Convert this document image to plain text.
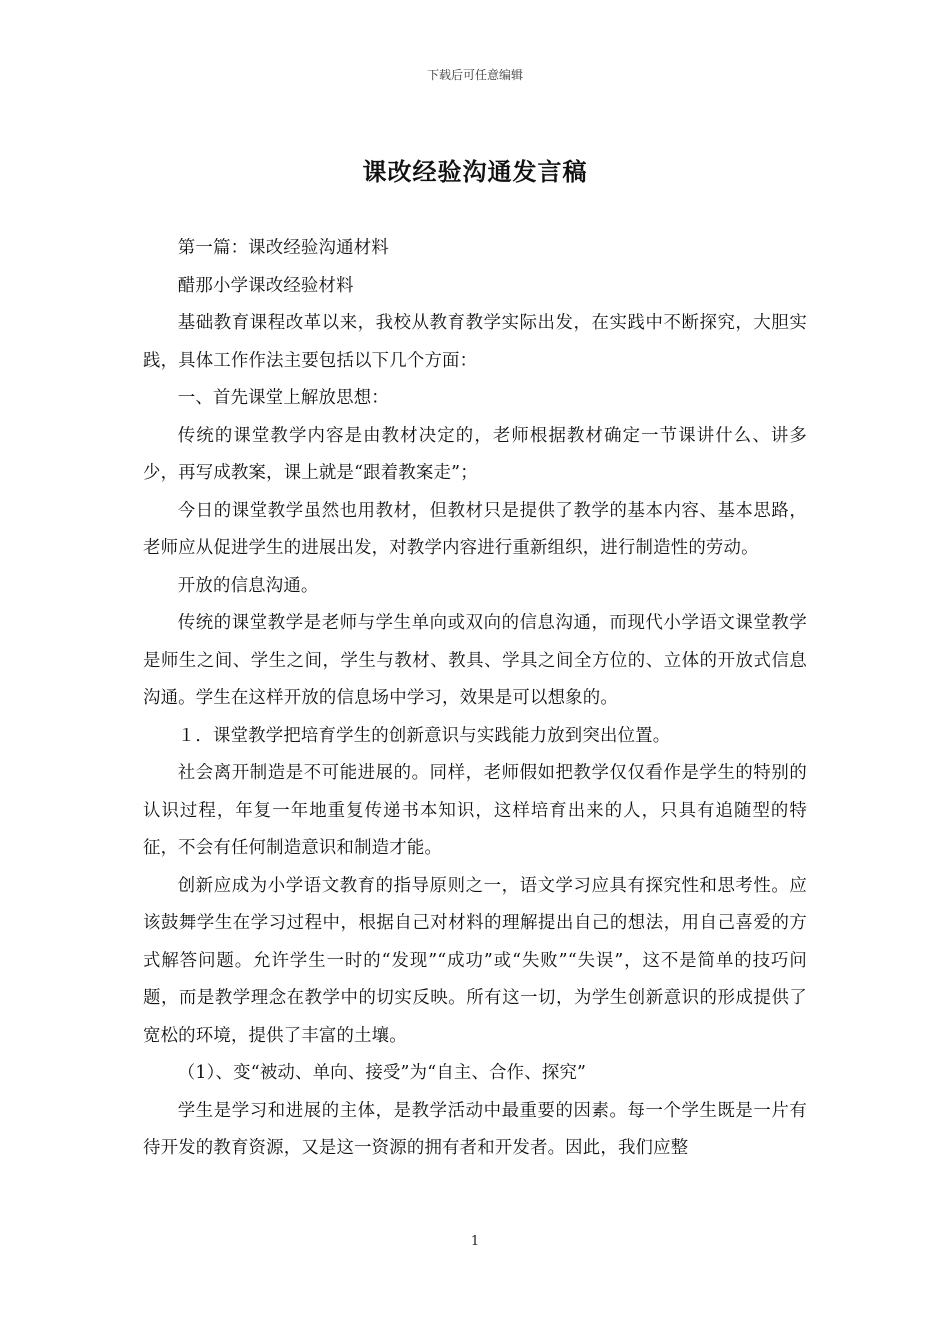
下载后可任意编辑
课改经验沟通发言稿

第一篇：课改经验沟通材料

醋那小学课改经验材料

基础教育课程改革以来，我校从教育教学实际出发，在实践中不断探究，大胆实践，具体工作作法主要包括以下几个方面：

一、首先课堂上解放思想：

传统的课堂教学内容是由教材决定的，老师根据教材确定一节课讲什么、讲多少，再写成教案，课上就是“跟着教案走”；

今日的课堂教学虽然也用教材，但教材只是提供了教学的基本内容、基本思路，老师应从促进学生的进展出发，对教学内容进行重新组织，进行制造性的劳动。

开放的信息沟通。

传统的课堂教学是老师与学生单向或双向的信息沟通，而现代小学语文课堂教学是师生之间、学生之间，学生与教材、教具、学具之间全方位的、立体的开放式信息沟通。学生在这样开放的信息场中学习，效果是可以想象的。

１．课堂教学把培育学生的创新意识与实践能力放到突出位置。

社会离开制造是不可能进展的。同样，老师假如把教学仅仅看作是学生的特别的认识过程，年复一年地重复传递书本知识，这样培育出来的人，只具有追随型的特征，不会有任何制造意识和制造才能。

创新应成为小学语文教育的指导原则之一，语文学习应具有探究性和思考性。应该鼓舞学生在学习过程中，根据自己对材料的理解提出自己的想法，用自己喜爱的方式解答问题。允许学生一时的“发现”“成功”或“失败”“失误”，这不是简单的技巧问题，而是教学理念在教学中的切实反映。所有这一切，为学生创新意识的形成提供了宽松的环境，提供了丰富的土壤。

（1）、变“被动、单向、接受”为“自主、合作、探究”

学生是学习和进展的主体，是教学活动中最重要的因素。每一个学生既是一片有待开发的教育资源，又是这一资源的拥有者和开发者。因此，我们应整

1
